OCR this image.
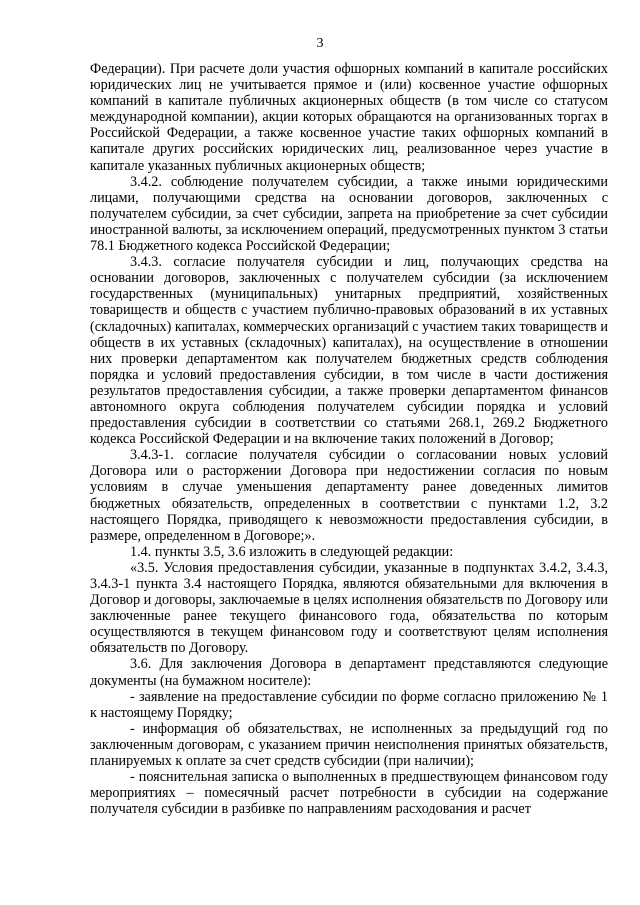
3

Федерации). При расчете доли участия офшорных компаний в капитале российских юридических лиц не учитывается прямое и (или) косвенное участие офшорных компаний в капитале публичных акционерных обществ (в том числе со статусом международной компании), акции которых обращаются на организованных торгах в Российской Федерации, а также косвенное участие таких офшорных компаний в капитале других российских юридических лиц, реализованное через участие в капитале указанных публичных акционерных обществ;

3.4.2. соблюдение получателем субсидии, а также иными юридическими лицами, получающими средства на основании договоров, заключенных с получателем субсидии, за счет субсидии, запрета на приобретение за счет субсидии иностранной валюты, за исключением операций, предусмотренных пунктом 3 статьи 78.1 Бюджетного кодекса Российской Федерации;

3.4.3. согласие получателя субсидии и лиц, получающих средства на основании договоров, заключенных с получателем субсидии (за исключением государственных (муниципальных) унитарных предприятий, хозяйственных товариществ и обществ с участием публично-правовых образований в их уставных (складочных) капиталах, коммерческих организаций с участием таких товариществ и обществ в их уставных (складочных) капиталах), на осуществление в отношении них проверки департаментом как получателем бюджетных средств соблюдения порядка и условий предоставления субсидии, в том числе в части достижения результатов предоставления субсидии, а также проверки департаментом финансов автономного округа соблюдения получателем субсидии порядка и условий предоставления субсидии в соответствии со статьями 268.1, 269.2 Бюджетного кодекса Российской Федерации и на включение таких положений в Договор;

3.4.3-1. согласие получателя субсидии о согласовании новых условий Договора или о расторжении Договора при недостижении согласия по новым условиям в случае уменьшения департаменту ранее доведенных лимитов бюджетных обязательств, определенных в соответствии с пунктами 1.2, 3.2 настоящего Порядка, приводящего к невозможности предоставления субсидии, в размере, определенном в Договоре;».

1.4. пункты 3.5, 3.6 изложить в следующей редакции:

«3.5. Условия предоставления субсидии, указанные в подпунктах 3.4.2, 3.4.3, 3.4.3-1 пункта 3.4 настоящего Порядка, являются обязательными для включения в Договор и договоры, заключаемые в целях исполнения обязательств по Договору или заключенные ранее текущего финансового года, обязательства по которым осуществляются в текущем финансовом году и соответствуют целям исполнения обязательств по Договору.

3.6. Для заключения Договора в департамент представляются следующие документы (на бумажном носителе):

- заявление на предоставление субсидии по форме согласно приложению № 1 к настоящему Порядку;

- информация об обязательствах, не исполненных за предыдущий год по заключенным договорам, с указанием причин неисполнения принятых обязательств, планируемых к оплате за счет средств субсидии (при наличии);

- пояснительная записка о выполненных в предшествующем финансовом году мероприятиях – помесячный расчет потребности в субсидии на содержание получателя субсидии в разбивке по направлениям расходования и расчет
